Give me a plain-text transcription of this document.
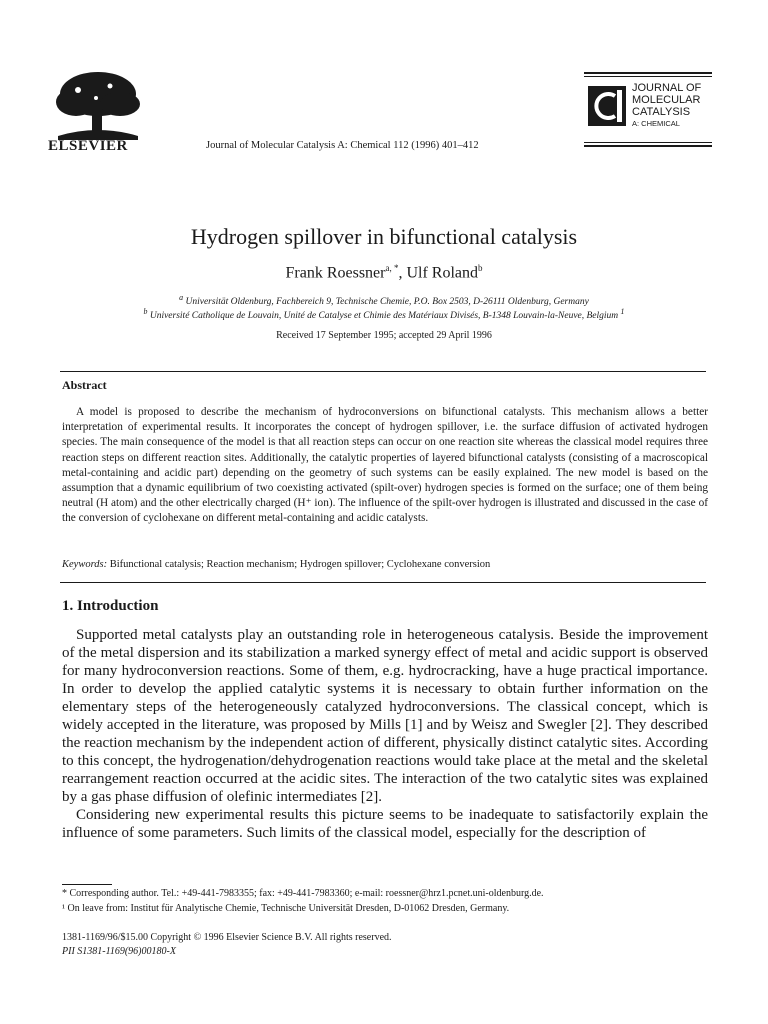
ELSEVIER	Journal of Molecular Catalysis A: Chemical 112 (1996) 401–412
JOURNAL OF
MOLECULAR
CATALYSIS
A: CHEMICAL
Hydrogen spillover in bifunctional catalysis
Frank Roessner$^{a, *}$, Ulf Roland$^b$
$^a$ Universität Oldenburg, Fachbereich 9, Technische Chemie, P.O. Box 2503, D-26111 Oldenburg, Germany
$^b$ Université Catholique de Louvain, Unité de Catalyse et Chimie des Matériaux Divisés, B-1348 Louvain-la-Neuve, Belgium $^1$
Received 17 September 1995; accepted 29 April 1996
Abstract
A model is proposed to describe the mechanism of hydroconversions on bifunctional catalysts. This mechanism allows a better interpretation of experimental results. It incorporates the concept of hydrogen spillover, i.e. the surface diffusion of activated hydrogen species. The main consequence of the model is that all reaction steps can occur on one reaction site whereas the classical model requires three reaction steps on different reaction sites. Additionally, the catalytic properties of layered bifunctional catalysts (consisting of a macroscopical metal-containing and acidic part) depending on the geometry of such systems can be easily explained. The new model is based on the assumption that a dynamic equilibrium of two coexisting activated (spilt-over) hydrogen species is formed on the surface; one of them being neutral (H atom) and the other electrically charged (H⁺ ion). The influence of the spilt-over hydrogen is illustrated and discussed in the case of the conversion of cyclohexane on different metal-containing and acidic catalysts.
Keywords: Bifunctional catalysis; Reaction mechanism; Hydrogen spillover; Cyclohexane conversion
1. Introduction

Supported metal catalysts play an outstanding role in heterogeneous catalysis. Beside the improvement of the metal dispersion and its stabilization a marked synergy effect of metal and acidic support is observed for many hydroconversion reactions. Some of them, e.g. hydrocracking, have a huge practical importance. In order to develop the applied catalytic systems it is necessary to obtain further information on the elementary steps of the heterogeneously catalyzed hydroconversions. The classical concept, which is widely accepted in the literature, was proposed by Mills [1] and by Weisz and Swegler [2]. They described the reaction mechanism by the independent action of different, physically distinct catalytic sites. According to this concept, the hydrogenation/dehydrogenation reactions would take place at the metal and the skeletal rearrangement reaction occurred at the acidic sites. The interaction of the two catalytic sites was explained by a gas phase diffusion of olefinic intermediates [2].

Considering new experimental results this picture seems to be inadequate to satisfactorily explain the influence of some parameters. Such limits of the classical model, especially for the description of

* Corresponding author. Tel.: +49-441-7983355; fax: +49-441-7983360; e-mail: roessner@hrz1.pcnet.uni-oldenburg.de.
¹ On leave from: Institut für Analytische Chemie, Technische Universität Dresden, D-01062 Dresden, Germany.
1381-1169/96/$15.00 Copyright © 1996 Elsevier Science B.V. All rights reserved.
PII S1381-1169(96)00180-X
